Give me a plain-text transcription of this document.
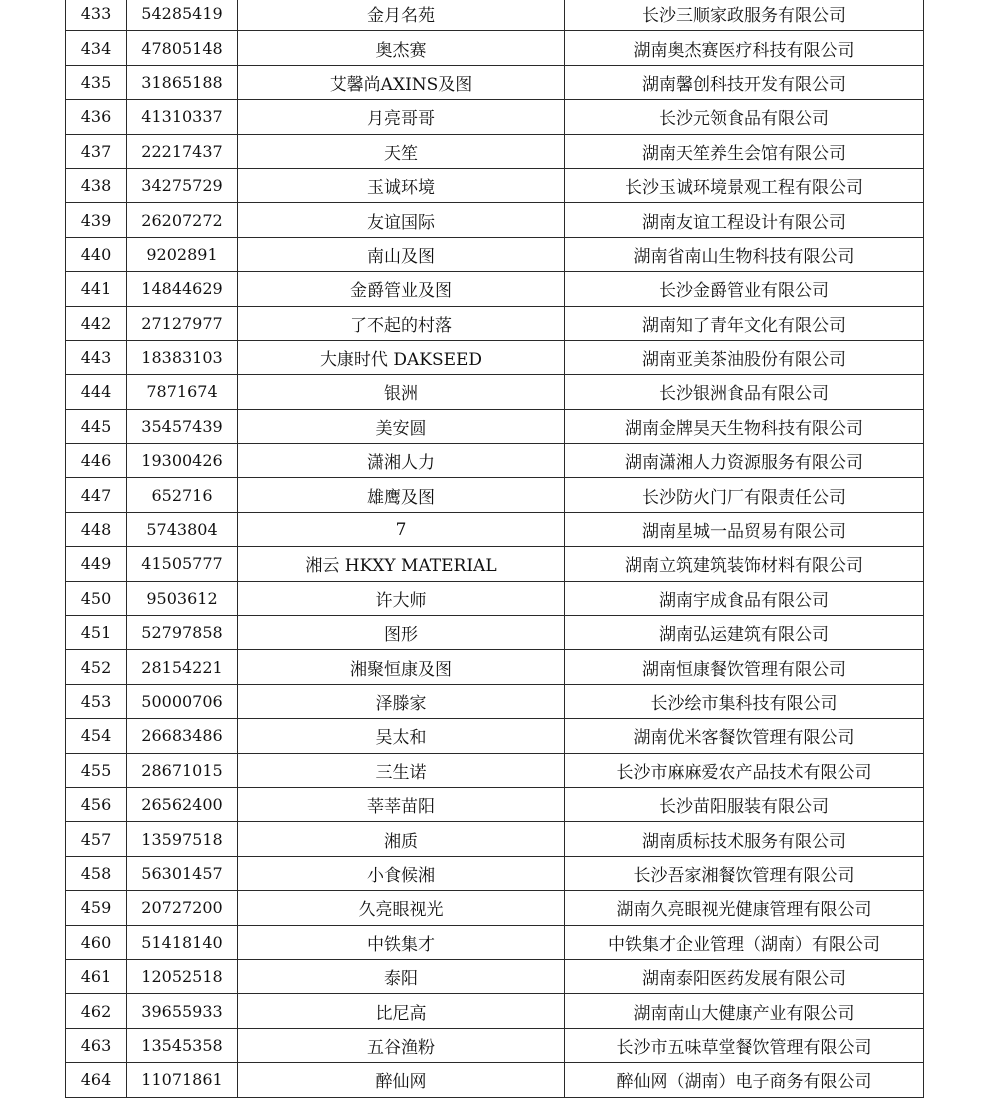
433	54285419	金月名苑	长沙三顺家政服务有限公司
434	47805148	奥杰赛	湖南奥杰赛医疗科技有限公司
435	31865188	艾馨尚AXINS及图	湖南馨创科技开发有限公司
436	41310337	月亮哥哥	长沙元领食品有限公司
437	22217437	天笙	湖南天笙养生会馆有限公司
438	34275729	玉诚环境	长沙玉诚环境景观工程有限公司
439	26207272	友谊国际	湖南友谊工程设计有限公司
440	9202891	南山及图	湖南省南山生物科技有限公司
441	14844629	金爵管业及图	长沙金爵管业有限公司
442	27127977	了不起的村落	湖南知了青年文化有限公司
443	18383103	大康时代 DAKSEED	湖南亚美茶油股份有限公司
444	7871674	银洲	长沙银洲食品有限公司
445	35457439	美安圆	湖南金牌昊天生物科技有限公司
446	19300426	潇湘人力	湖南潇湘人力资源服务有限公司
447	652716	雄鹰及图	长沙防火门厂有限责任公司
448	5743804	7	湖南星城一品贸易有限公司
449	41505777	湘云 HKXY MATERIAL	湖南立筑建筑装饰材料有限公司
450	9503612	许大师	湖南宇成食品有限公司
451	52797858	图形	湖南弘运建筑有限公司
452	28154221	湘聚恒康及图	湖南恒康餐饮管理有限公司
453	50000706	泽滕家	长沙绘市集科技有限公司
454	26683486	吴太和	湖南优米客餐饮管理有限公司
455	28671015	三生诺	长沙市麻麻爱农产品技术有限公司
456	26562400	莘莘苗阳	长沙苗阳服装有限公司
457	13597518	湘质	湖南质标技术服务有限公司
458	56301457	小食候湘	长沙吾家湘餐饮管理有限公司
459	20727200	久亮眼视光	湖南久亮眼视光健康管理有限公司
460	51418140	中铁集才	中铁集才企业管理（湖南）有限公司
461	12052518	泰阳	湖南泰阳医药发展有限公司
462	39655933	比尼高	湖南南山大健康产业有限公司
463	13545358	五谷渔粉	长沙市五味草堂餐饮管理有限公司
464	11071861	醉仙网	醉仙网（湖南）电子商务有限公司
